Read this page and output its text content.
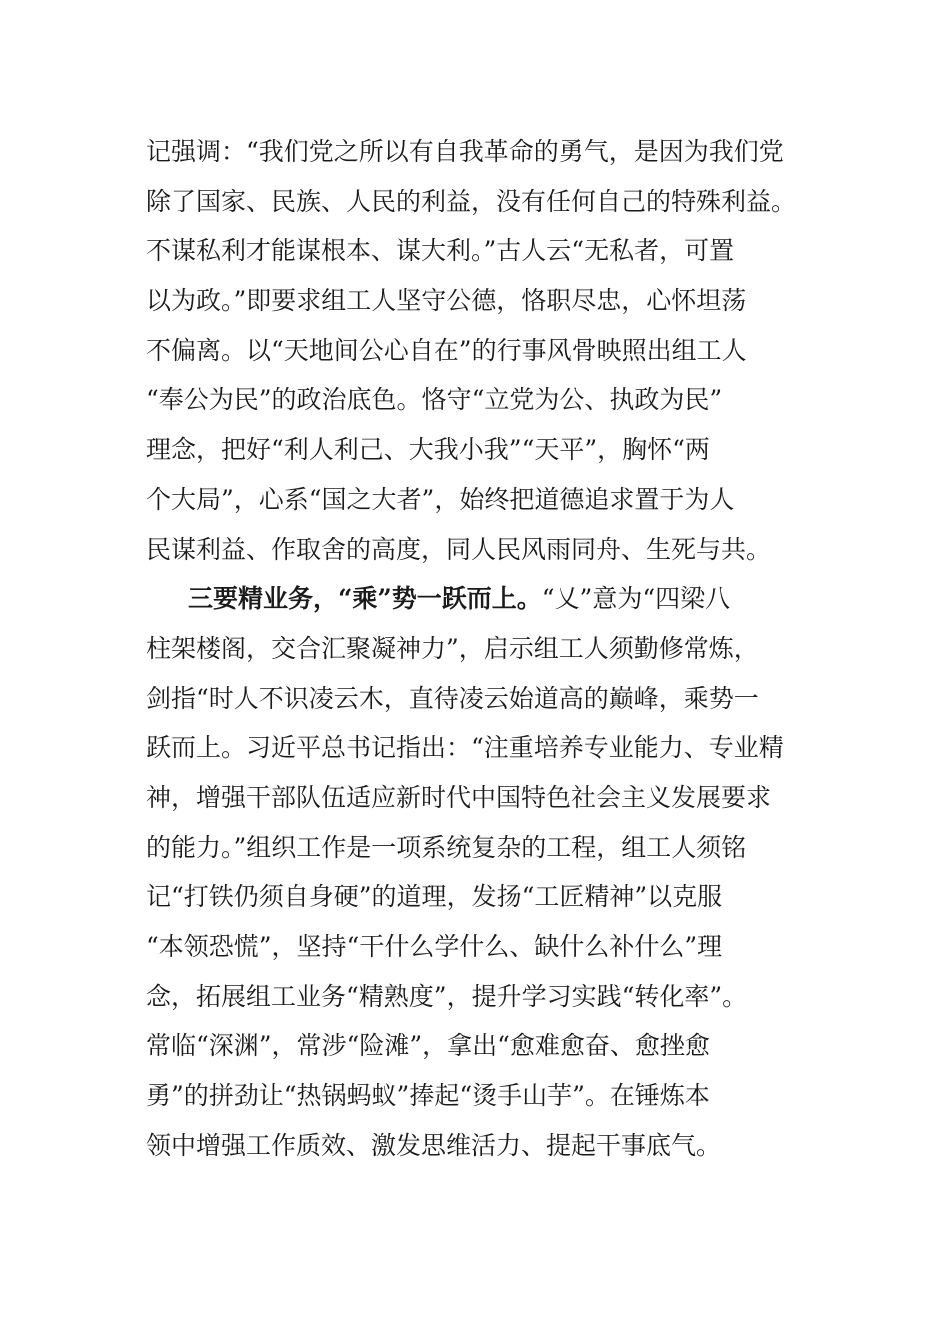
记强调：“我们党之所以有自我革命的勇气，是因为我们党
除了国家、民族、人民的利益，没有任何自己的特殊利益。
不谋私利才能谋根本、谋大利。”古人云“无私者，可置
以为政。”即要求组工人坚守公德，恪职尽忠，心怀坦荡
不偏离。以“天地间公心自在”的行事风骨映照出组工人
“奉公为民”的政治底色。恪守“立党为公、执政为民”
理念，把好“利人利己、大我小我”“天平”，胸怀“两
个大局”，心系“国之大者”，始终把道德追求置于为人
民谋利益、作取舍的高度，同人民风雨同舟、生死与共。
三要精业务，“乘”势一跃而上。“乂”意为“四梁八
柱架楼阁，交合汇聚凝神力”，启示组工人须勤修常炼，
剑指“时人不识凌云木，直待凌云始道高的巅峰，乘势一
跃而上。习近平总书记指出：“注重培养专业能力、专业精
神，增强干部队伍适应新时代中国特色社会主义发展要求
的能力。”组织工作是一项系统复杂的工程，组工人须铭
记“打铁仍须自身硬”的道理，发扬“工匠精神”以克服
“本领恐慌”，坚持“干什么学什么、缺什么补什么”理
念，拓展组工业务“精熟度”，提升学习实践“转化率”。
常临“深渊”，常涉“险滩”，拿出“愈难愈奋、愈挫愈
勇”的拼劲让“热锅蚂蚁”捧起“烫手山芋”。在锤炼本
领中增强工作质效、激发思维活力、提起干事底气。
